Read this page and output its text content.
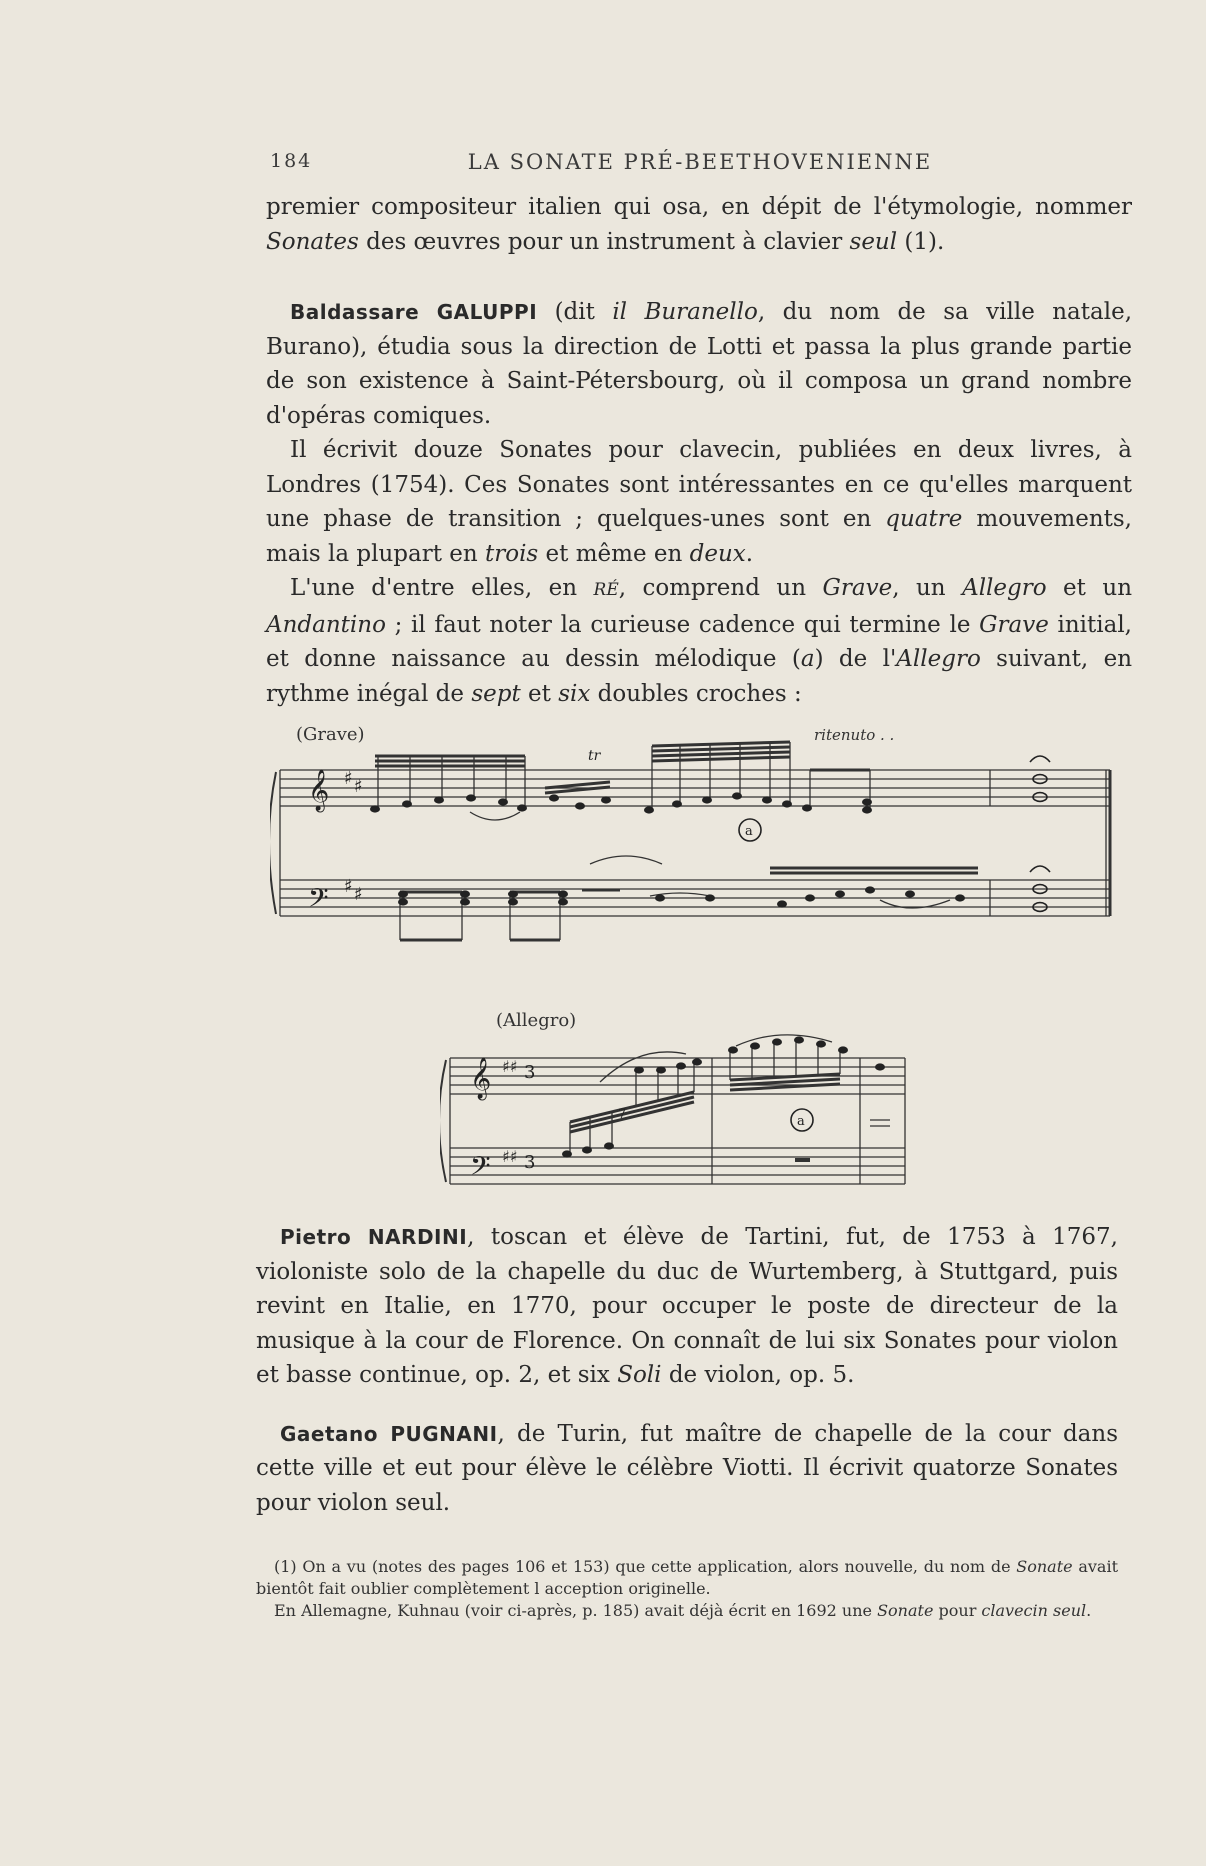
184	LA SONATE PRÉ-BEETHOVENIENNE

premier compositeur italien qui osa, en dépit de l'étymologie, nommer Sonates des œuvres pour un instrument à clavier seul (1).

Baldassare GALUPPI (dit il Buranello, du nom de sa ville natale, Burano), étudia sous la direction de Lotti et passa la plus grande partie de son existence à Saint-Pétersbourg, où il composa un grand nombre d'opéras comiques.

Il écrivit douze Sonates pour clavecin, publiées en deux livres, à Londres (1754). Ces Sonates sont intéressantes en ce qu'elles marquent une phase de transition ; quelques-unes sont en quatre mouvements, mais la plupart en trois et même en deux.

L'une d'entre elles, en RÉ, comprend un Grave, un Allegro et un Andantino ; il faut noter la curieuse cadence qui termine le Grave initial, et donne naissance au dessin mélodique (a) de l'Allegro suivant, en rythme inégal de sept et six doubles croches :

(Grave)	ritenuto . .
𝄞
𝄢
♯ ♯
♯ ♯
tr
a
(Allegro)
𝄞
𝄢
♯♯
♯♯
3
3
7	a

Pietro NARDINI, toscan et élève de Tartini, fut, de 1753 à 1767, violoniste solo de la chapelle du duc de Wurtemberg, à Stuttgard, puis revint en Italie, en 1770, pour occuper le poste de directeur de la musique à la cour de Florence. On connaît de lui six Sonates pour violon et basse continue, op. 2, et six Soli de violon, op. 5.

Gaetano PUGNANI, de Turin, fut maître de chapelle de la cour dans cette ville et eut pour élève le célèbre Viotti. Il écrivit quatorze Sonates pour violon seul.

(1) On a vu (notes des pages 106 et 153) que cette application, alors nouvelle, du nom de Sonate avait bientôt fait oublier complètement l acception originelle.

En Allemagne, Kuhnau (voir ci-après, p. 185) avait déjà écrit en 1692 une Sonate pour clavecin seul.
